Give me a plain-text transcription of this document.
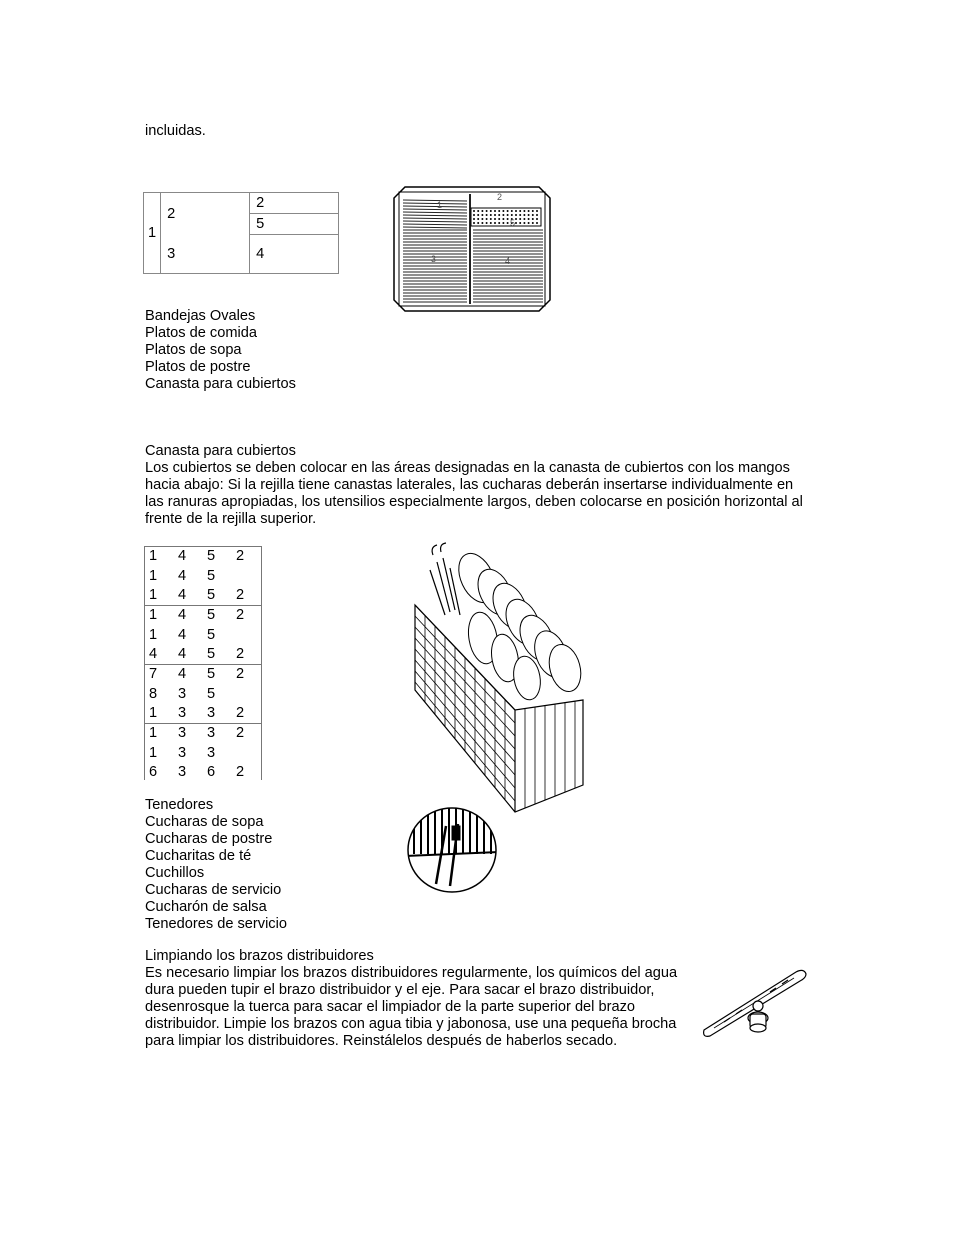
incluidas.
1	2	2
		5
	3	4
1
2
3	4
5
Bandejas Ovales
Platos de comida
Platos de sopa
Platos de postre
Canasta para cubiertos
Canasta para cubiertos

Los cubiertos se deben colocar en las áreas designadas en la canasta de cubiertos con los mangos hacia abajo: Si la rejilla tiene canastas laterales, las cucharas deberán insertarse individualmente en las ranuras apropiadas, los utensilios especialmente largos, deben colocarse en posición horizontal al frente de la rejilla superior.

1	4	5	2
1	4	5
1	4	5	2
1	4	5	2
1	4	5
4	4	5	2
7	4	5	2
8	3	5
1	3	3	2
1	3	3	2
1	3	3
6	3	6	2
Tenedores
Cucharas de sopa
Cucharas de postre
Cucharitas de té
Cuchillos
Cucharas de servicio
Cucharón de salsa
Tenedores de servicio
Limpiando los brazos distribuidores

Es necesario limpiar los brazos distribuidores regularmente, los químicos del agua dura pueden tupir el brazo distribuidor y el eje. Para sacar el brazo distribuidor, desenrosque la tuerca para sacar el limpiador de la parte superior del brazo distribuidor. Limpie los brazos con agua tibia y jabonosa, use una pequeña brocha para limpiar los distribuidores. Reinstálelos después de haberlos secado.
